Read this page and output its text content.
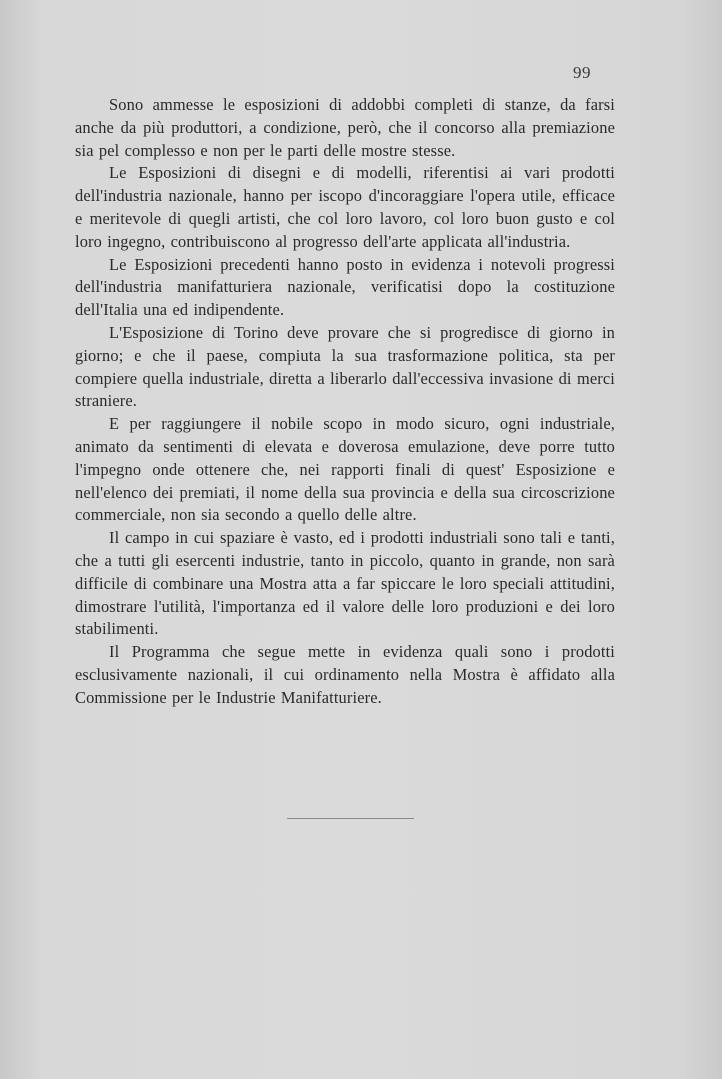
99

Sono ammesse le esposizioni di addobbi completi di stanze, da farsi anche da più produttori, a condizione, però, che il concorso alla premiazione sia pel complesso e non per le parti delle mostre stesse.

Le Esposizioni di disegni e di modelli, riferentisi ai vari prodotti dell'industria nazionale, hanno per iscopo d'incoraggiare l'opera utile, efficace e meritevole di quegli artisti, che col loro lavoro, col loro buon gusto e col loro ingegno, contribuiscono al progresso dell'arte applicata all'industria.

Le Esposizioni precedenti hanno posto in evidenza i notevoli progressi dell'industria manifatturiera nazionale, verificatisi dopo la costituzione dell'Italia una ed indipendente.

L'Esposizione di Torino deve provare che si progredisce di giorno in giorno; e che il paese, compiuta la sua trasformazione politica, sta per compiere quella industriale, diretta a liberarlo dall'eccessiva invasione di merci straniere.

E per raggiungere il nobile scopo in modo sicuro, ogni industriale, animato da sentimenti di elevata e doverosa emulazione, deve porre tutto l'impegno onde ottenere che, nei rapporti finali di quest' Esposizione e nell'elenco dei premiati, il nome della sua provincia e della sua circoscrizione commerciale, non sia secondo a quello delle altre.

Il campo in cui spaziare è vasto, ed i prodotti industriali sono tali e tanti, che a tutti gli esercenti industrie, tanto in piccolo, quanto in grande, non sarà difficile di combinare una Mostra atta a far spiccare le loro speciali attitudini, dimostrare l'utilità, l'importanza ed il valore delle loro produzioni e dei loro stabilimenti.

Il Programma che segue mette in evidenza quali sono i prodotti esclusivamente nazionali, il cui ordinamento nella Mostra è affidato alla Commissione per le Industrie Manifatturiere.
